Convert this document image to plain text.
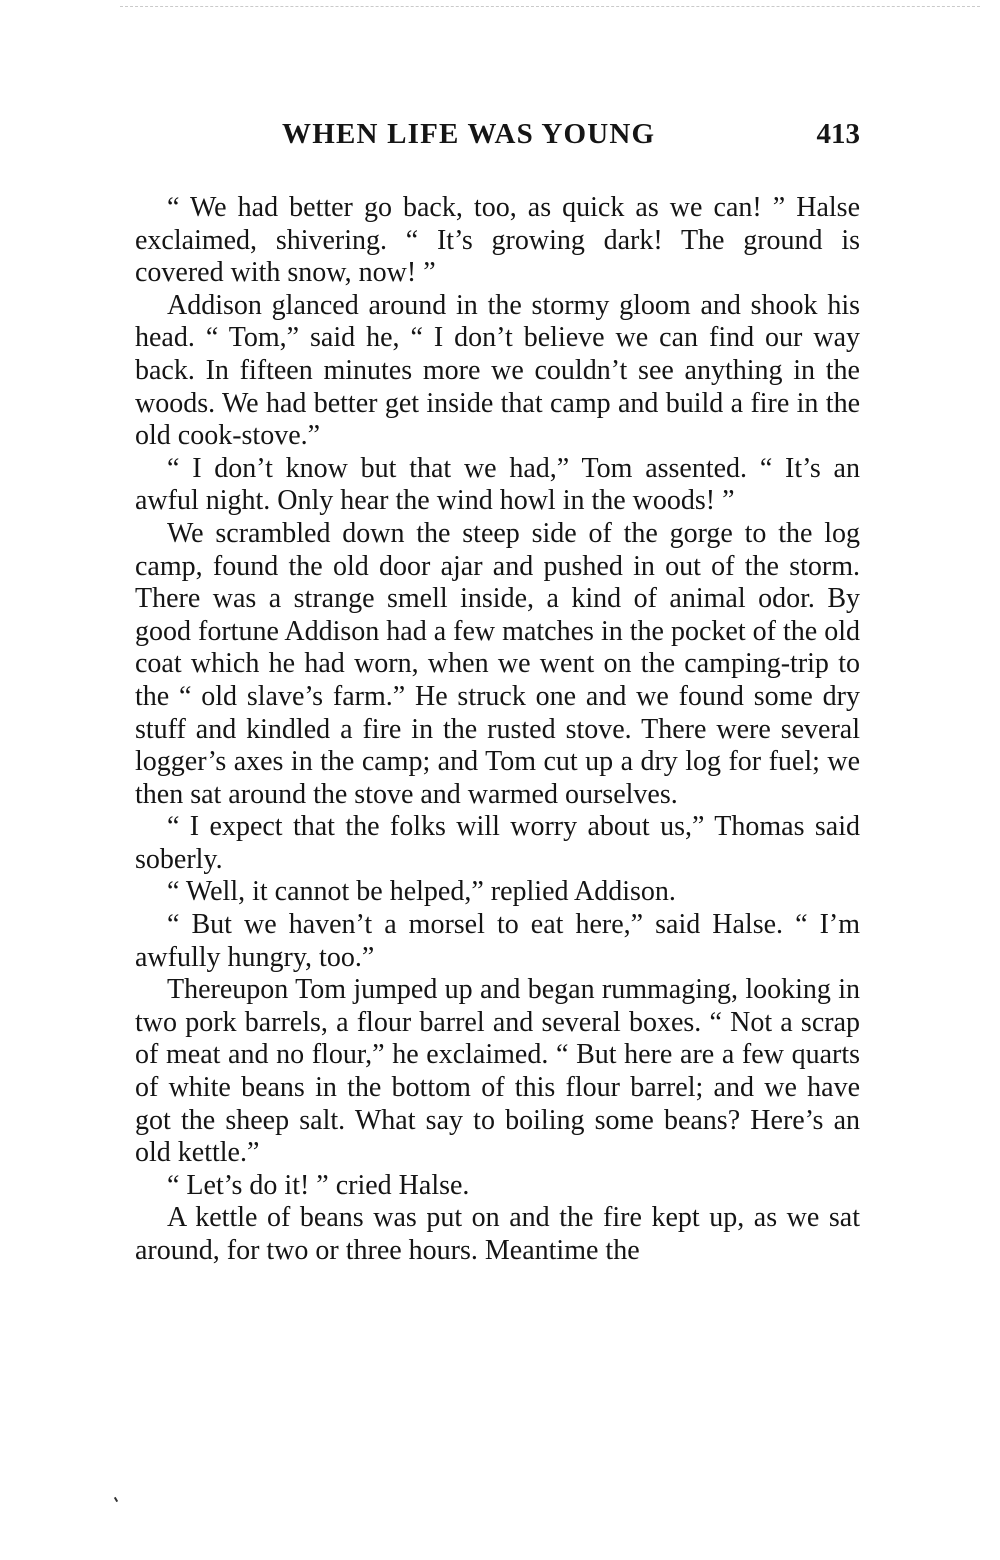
WHEN LIFE WAS YOUNG	413

“ We had better go back, too, as quick as we can! ” Halse exclaimed, shivering. “ It’s growing dark! The ground is covered with snow, now! ”

Addison glanced around in the stormy gloom and shook his head. “ Tom,” said he, “ I don’t believe we can find our way back. In fifteen minutes more we couldn’t see anything in the woods. We had better get inside that camp and build a fire in the old cook-stove.”

“ I don’t know but that we had,” Tom assented. “ It’s an awful night. Only hear the wind howl in the woods! ”

We scrambled down the steep side of the gorge to the log camp, found the old door ajar and pushed in out of the storm. There was a strange smell inside, a kind of animal odor. By good fortune Addison had a few matches in the pocket of the old coat which he had worn, when we went on the camping-trip to the “ old slave’s farm.” He struck one and we found some dry stuff and kindled a fire in the rusted stove. There were several logger’s axes in the camp; and Tom cut up a dry log for fuel; we then sat around the stove and warmed ourselves.

“ I expect that the folks will worry about us,” Thomas said soberly.

“ Well, it cannot be helped,” replied Addison.

“ But we haven’t a morsel to eat here,” said Halse. “ I’m awfully hungry, too.”

Thereupon Tom jumped up and began rummaging, looking in two pork barrels, a flour barrel and several boxes. “ Not a scrap of meat and no flour,” he exclaimed. “ But here are a few quarts of white beans in the bottom of this flour barrel; and we have got the sheep salt. What say to boiling some beans? Here’s an old kettle.”

“ Let’s do it! ” cried Halse.

A kettle of beans was put on and the fire kept up, as we sat around, for two or three hours. Meantime the
